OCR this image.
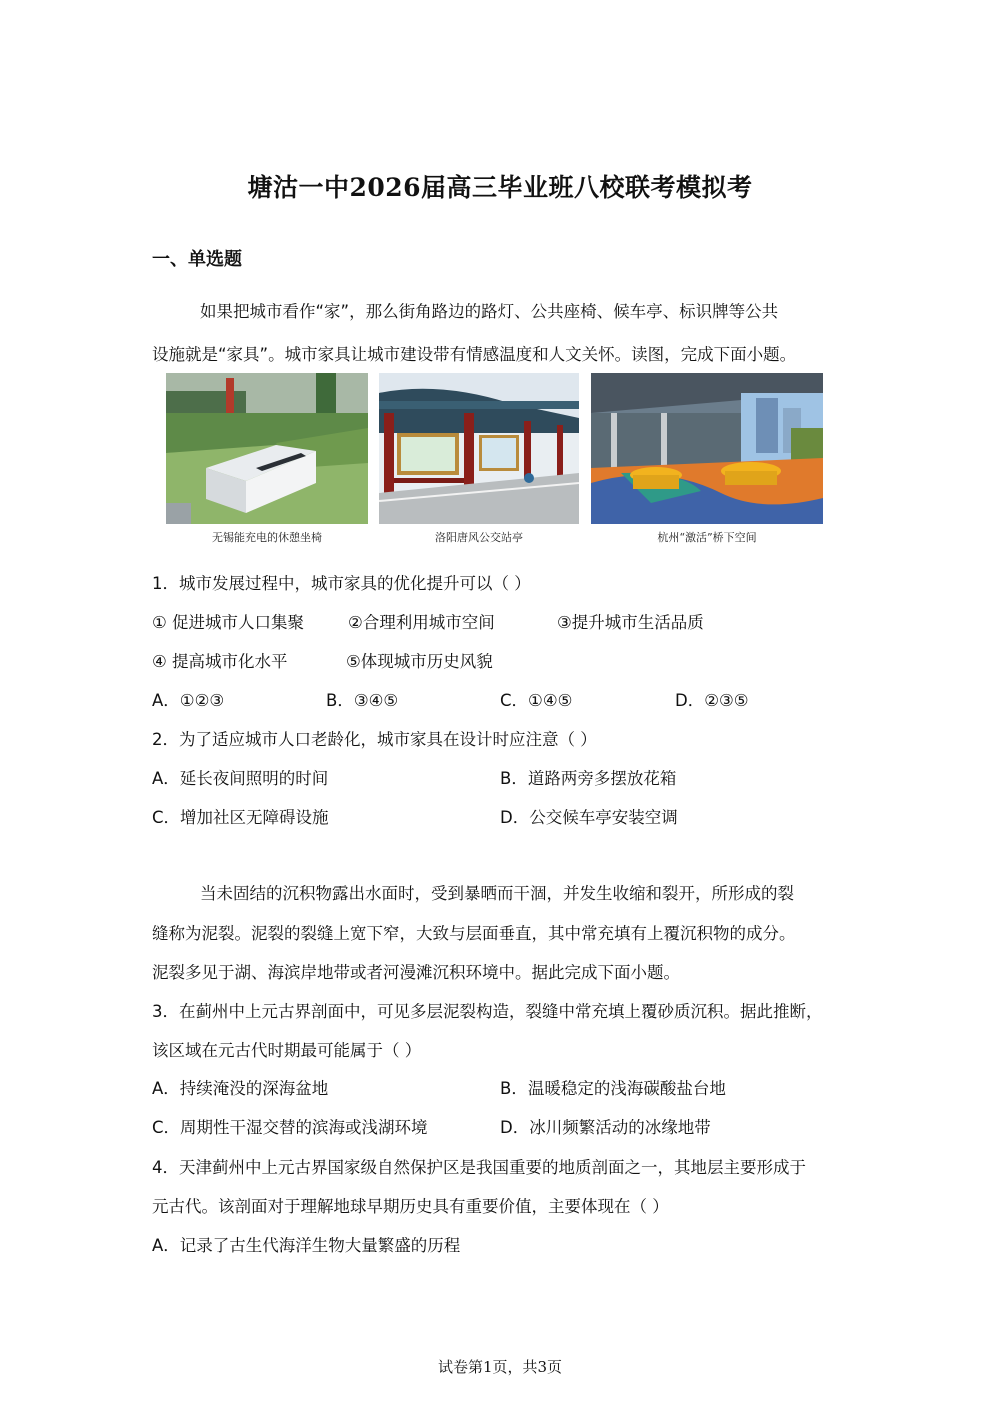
塘沽一中2026届高三毕业班八校联考模拟考
一、单选题
如果把城市看作“家”，那么街角路边的路灯、公共座椅、候车亭、标识牌等公共
设施就是“家具”。城市家具让城市建设带有情感温度和人文关怀。读图，完成下面小题。
无锡能充电的休憩坐椅	洛阳唐风公交站亭	杭州“激活”桥下空间
1．城市发展过程中，城市家具的优化提升可以（ ）
① 促进城市人口集聚	②合理利用城市空间	③提升城市生活品质
④ 提高城市化水平	⑤体现城市历史风貌
A．①②③	B．③④⑤	C．①④⑤	D．②③⑤
2．为了适应城市人口老龄化，城市家具在设计时应注意（ ）
A．延长夜间照明的时间	B．道路两旁多摆放花箱
C．增加社区无障碍设施	D．公交候车亭安装空调
当未固结的沉积物露出水面时，受到暴晒而干涸，并发生收缩和裂开，所形成的裂
缝称为泥裂。泥裂的裂缝上宽下窄，大致与层面垂直，其中常充填有上覆沉积物的成分。
泥裂多见于湖、海滨岸地带或者河漫滩沉积环境中。据此完成下面小题。
3．在蓟州中上元古界剖面中，可见多层泥裂构造，裂缝中常充填上覆砂质沉积。据此推断，
该区域在元古代时期最可能属于（ ）
A．持续淹没的深海盆地	B．温暖稳定的浅海碳酸盐台地
C．周期性干湿交替的滨海或浅湖环境	D．冰川频繁活动的冰缘地带
4．天津蓟州中上元古界国家级自然保护区是我国重要的地质剖面之一，其地层主要形成于
元古代。该剖面对于理解地球早期历史具有重要价值，主要体现在（ ）
A．记录了古生代海洋生物大量繁盛的历程
试卷第1页，共3页
